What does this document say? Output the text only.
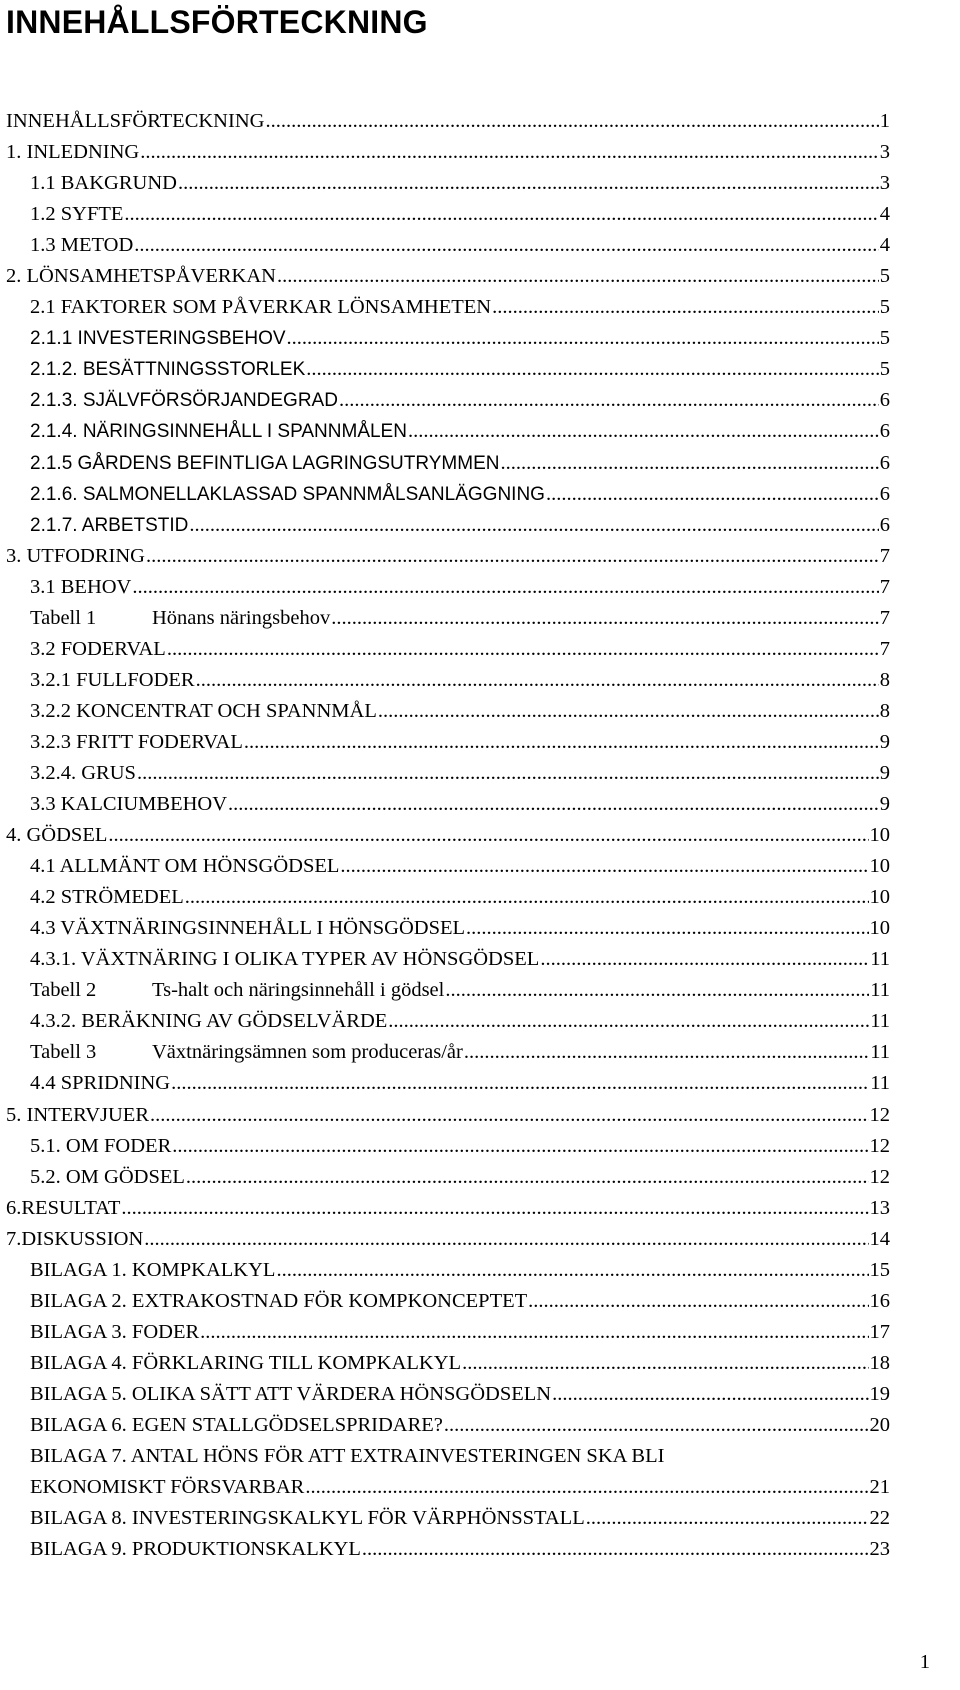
INNEHÅLLSFÖRTECKNING
INNEHÅLLSFÖRTECKNING .....	1
1. INLEDNING .....	3
1.1 BAKGRUND .....	3
1.2 SYFTE .....	4
1.3 METOD .....	4
2. LÖNSAMHETSPÅVERKAN .....	5
2.1 FAKTORER SOM PÅVERKAR LÖNSAMHETEN .....	5
2.1.1 INVESTERINGSBEHOV .....	5
2.1.2. BESÄTTNINGSSTORLEK .....	5
2.1.3. SJÄLVFÖRSÖRJANDEGRAD .....	6
2.1.4. NÄRINGSINNEHÅLL I SPANNMÅLEN .....	6
2.1.5 GÅRDENS BEFINTLIGA LAGRINGSUTRYMMEN .....	6
2.1.6. SALMONELLAKLASSAD SPANNMÅLSANLÄGGNING .....	6
2.1.7. ARBETSTID .....	6
3. UTFODRING .....	7
3.1 BEHOV .....	7
Tabell 1	Hönans näringsbehov .....	7
3.2 FODERVAL .....	7
3.2.1 FULLFODER .....	8
3.2.2 KONCENTRAT OCH SPANNMÅL .....	8
3.2.3 FRITT FODERVAL .....	9
3.2.4. GRUS .....	9
3.3 KALCIUMBEHOV .....	9
4. GÖDSEL .....	10
4.1 ALLMÄNT OM HÖNSGÖDSEL .....	10
4.2 STRÖMEDEL .....	10
4.3 VÄXTNÄRINGSINNEHÅLL I HÖNSGÖDSEL .....	10
4.3.1. VÄXTNÄRING I OLIKA TYPER AV HÖNSGÖDSEL .....	11
Tabell 2	Ts-halt och näringsinnehåll i gödsel .....	11
4.3.2. BERÄKNING AV GÖDSELVÄRDE .....	11
Tabell 3	Växtnäringsämnen som produceras/år .....	11
4.4 SPRIDNING .....	11
5. INTERVJUER .....	12
5.1. OM FODER .....	12
5.2. OM GÖDSEL .....	12
6.RESULTAT .....	13
7.DISKUSSION .....	14
BILAGA 1. KOMPKALKYL .....	15
BILAGA 2. EXTRAKOSTNAD FÖR KOMPKONCEPTET .....	16
BILAGA 3. FODER .....	17
BILAGA 4. FÖRKLARING TILL KOMPKALKYL .....	18
BILAGA 5. OLIKA SÄTT ATT VÄRDERA HÖNSGÖDSELN .....	19
BILAGA 6. EGEN STALLGÖDSELSPRIDARE? .....	20
BILAGA 7. ANTAL HÖNS FÖR ATT EXTRAINVESTERINGEN SKA BLI
EKONOMISKT FÖRSVARBAR .....	21
BILAGA 8. INVESTERINGSKALKYL FÖR VÄRPHÖNSSTALL .....	22
BILAGA 9. PRODUKTIONSKALKYL .....	23
1
